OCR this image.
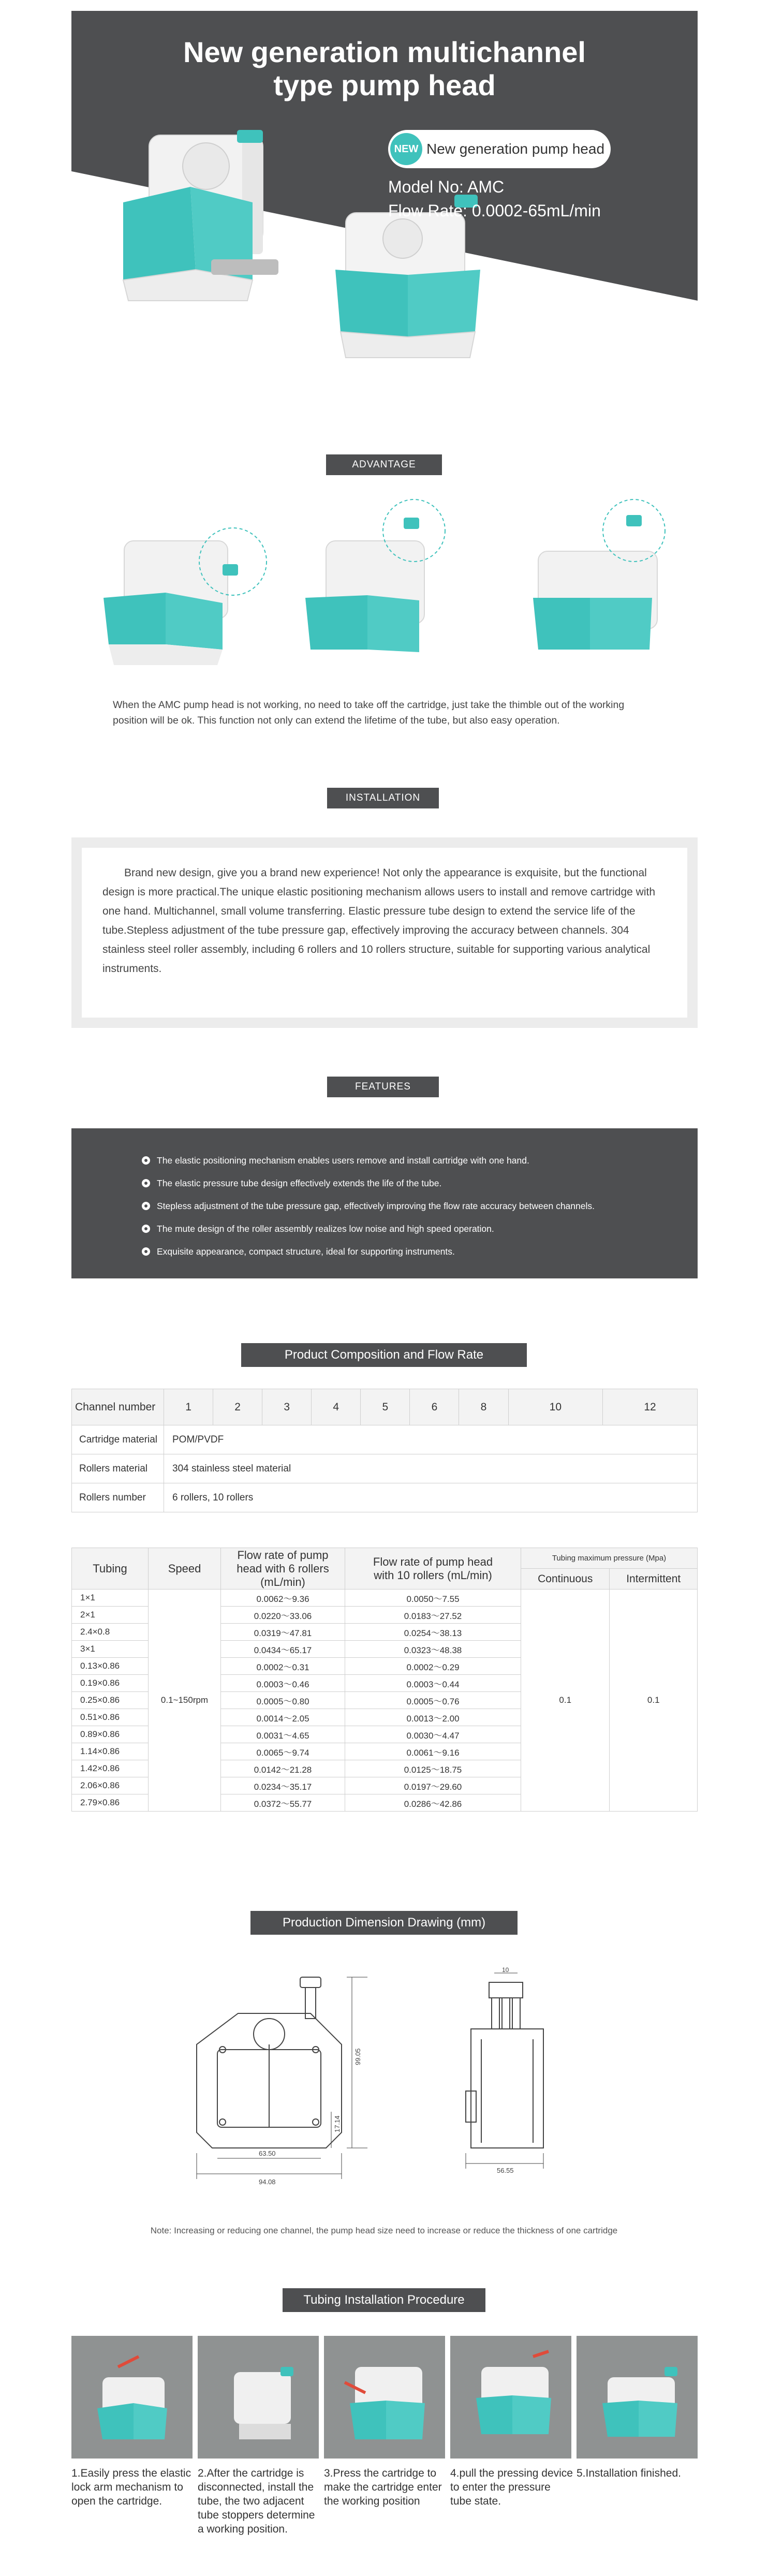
New generation multichannel
type pump head
NEW New generation pump head
Model No: AMC
Flow Rate: 0.0002-65mL/min
ADVANTAGE
When the AMC pump head is not working, no need to take off the cartridge, just take the thimble out of the working position will be ok. This function not only can extend the lifetime of the tube, but also easy operation.
INSTALLATION
Brand new design, give you a brand new experience! Not only the appearance is exquisite, but the functional design is more practical.The unique elastic positioning mechanism allows users to install and remove cartridge with one hand. Multichannel, small volume transferring. Elastic pressure tube design to extend the service life of the tube.Stepless adjustment of the tube pressure gap, effectively improving the accuracy between channels. 304 stainless steel roller assembly, including 6 rollers and 10 rollers structure, suitable for supporting various analytical instruments.
FEATURES
The elastic positioning mechanism enables users remove and install cartridge with one hand.
The elastic pressure tube design effectively extends the life of the tube.
Stepless adjustment of the tube pressure gap, effectively improving the flow rate accuracy between channels.
The mute design of the roller assembly realizes low noise and high speed operation.
Exquisite appearance, compact structure, ideal for supporting instruments.
Product Composition and Flow Rate
Channel number	1	2	3	4	5	6	8	10	12
Cartridge material	POM/PVDF								
Rollers material	304 stainless steel material								
Rollers number	6 rollers, 10 rollers								
Tubing	Speed	Flow rate of pump head with 6 rollers (mL/min)	Flow rate of pump head with 10 rollers (mL/min)	Tubing maximum pressure (Mpa)	
				Continuous	Intermittent
1×1	0.1~150rpm	0.0062～9.36	0.0050～7.55	0.1	0.1
2×1		0.0220～33.06	0.0183～27.52		
2.4×0.8		0.0319～47.81	0.0254～38.13		
3×1		0.0434～65.17	0.0323～48.38		
0.13×0.86		0.0002～0.31	0.0002～0.29		
0.19×0.86		0.0003～0.46	0.0003～0.44		
0.25×0.86		0.0005～0.80	0.0005～0.76		
0.51×0.86		0.0014～2.05	0.0013～2.00		
0.89×0.86		0.0031～4.65	0.0030～4.47		
1.14×0.86		0.0065～9.74	0.0061～9.16		
1.42×0.86		0.0142～21.28	0.0125～18.75		
2.06×0.86		0.0234～35.17	0.0197～29.60		
2.79×0.86		0.0372～55.77	0.0286～42.86		
Production Dimension Drawing (mm)
99.05
17.14
63.50
94.08
56.55
10
Note: Increasing or reducing one channel, the pump head size need to increase or reduce the thickness of one cartridge
Tubing Installation Procedure
1.Easily press the elastic lock arm mechanism to open the cartridge.
2.After the cartridge is disconnected, install the tube, the two adjacent tube stoppers determine a working position.
3.Press the cartridge to make the cartridge enter the working position
4.pull the pressing device to enter the pressure tube state.
5.Installation finished.
